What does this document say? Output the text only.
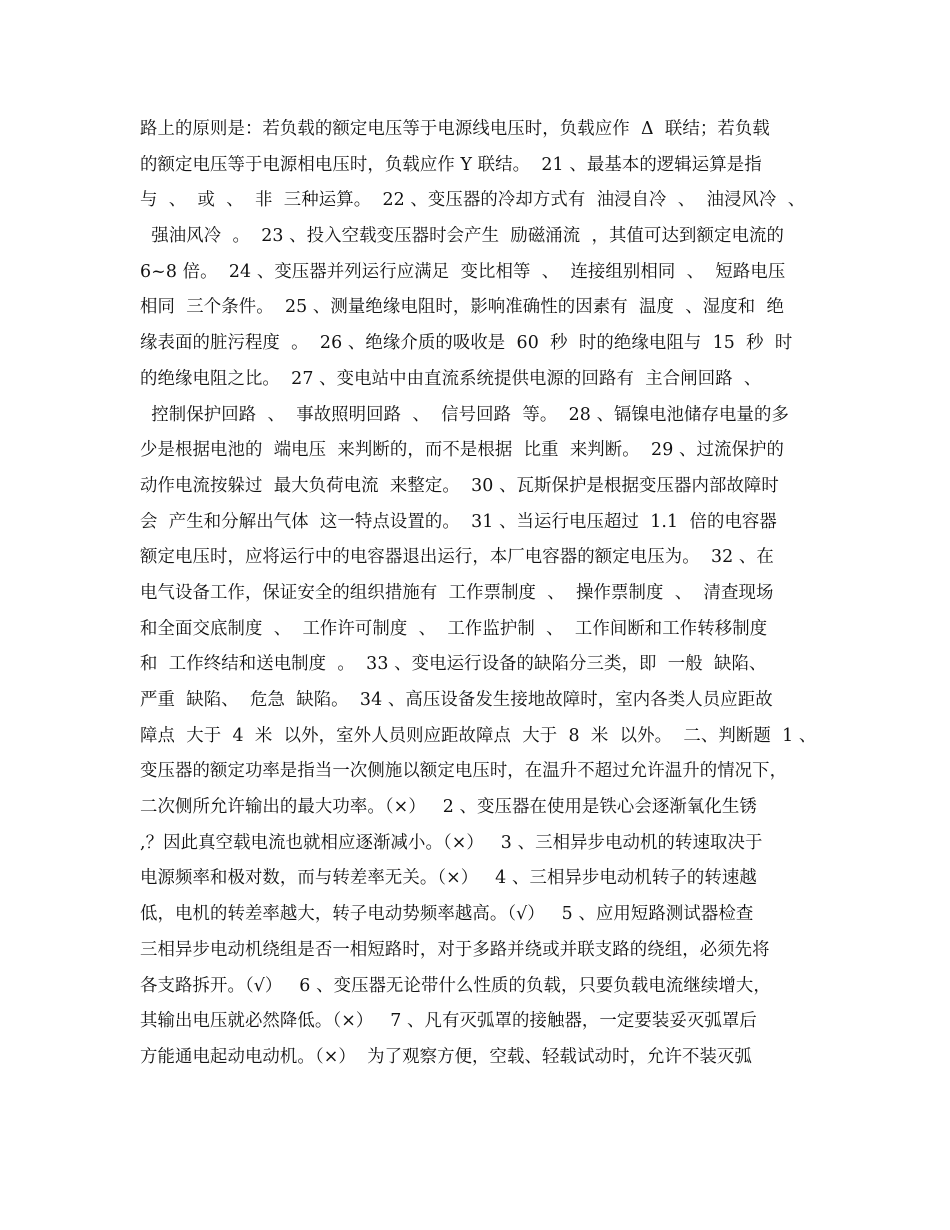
路上的原则是：若负载的额定电压等于电源线电压时，负载应作  Δ  联结；若负载
的额定电压等于电源相电压时，负载应作 Y 联结。  21 、最基本的逻辑运算是指
与  、  或  、  非  三种运算。  22 、变压器的冷却方式有  油浸自冷  、  油浸风冷  、
强油风冷  。  23 、投入空载变压器时会产生  励磁涌流  ，其值可达到额定电流的
6~8 倍。  24 、变压器并列运行应满足  变比相等  、  连接组别相同  、  短路电压
相同  三个条件。  25 、测量绝缘电阻时，影响准确性的因素有  温度  、湿度和  绝
缘表面的脏污程度  。  26 、绝缘介质的吸收是  60  秒  时的绝缘电阻与  15  秒  时
的绝缘电阻之比。  27 、变电站中由直流系统提供电源的回路有  主合闸回路  、
控制保护回路  、  事故照明回路  、  信号回路  等。  28 、镉镍电池储存电量的多
少是根据电池的  端电压  来判断的，而不是根据  比重  来判断。  29 、过流保护的
动作电流按躲过  最大负荷电流  来整定。  30 、瓦斯保护是根据变压器内部故障时
会  产生和分解出气体  这一特点设置的。  31 、当运行电压超过  1.1  倍的电容器
额定电压时，应将运行中的电容器退出运行，本厂电容器的额定电压为。  32 、在
电气设备工作，保证安全的组织措施有  工作票制度  、  操作票制度  、  清查现场
和全面交底制度  、  工作许可制度  、  工作监护制  、  工作间断和工作转移制度
和  工作终结和送电制度  。  33 、变电运行设备的缺陷分三类，即  一般  缺陷、
严重  缺陷、  危急  缺陷。  34 、高压设备发生接地故障时，室内各类人员应距故
障点  大于  4  米  以外，室外人员则应距故障点  大于  8  米  以外。  二、判断题  1 、
变压器的额定功率是指当一次侧施以额定电压时，在温升不超过允许温升的情况下，
二次侧所允许输出的最大功率。（×）   2 、变压器在使用是铁心会逐渐氧化生锈
,？因此真空载电流也就相应逐渐减小。（×）   3 、三相异步电动机的转速取决于
电源频率和极对数，而与转差率无关。（×）   4 、三相异步电动机转子的转速越
低，电机的转差率越大，转子电动势频率越高。（√）   5 、应用短路测试器检查
三相异步电动机绕组是否一相短路时，对于多路并绕或并联支路的绕组，必须先将
各支路拆开。（√）   6 、变压器无论带什么性质的负载，只要负载电流继续增大，
其输出电压就必然降低。（×）   7 、凡有灭弧罩的接触器，一定要装妥灭弧罩后
方能通电起动电动机。（×）  为了观察方便，空载、轻载试动时，允许不装灭弧
